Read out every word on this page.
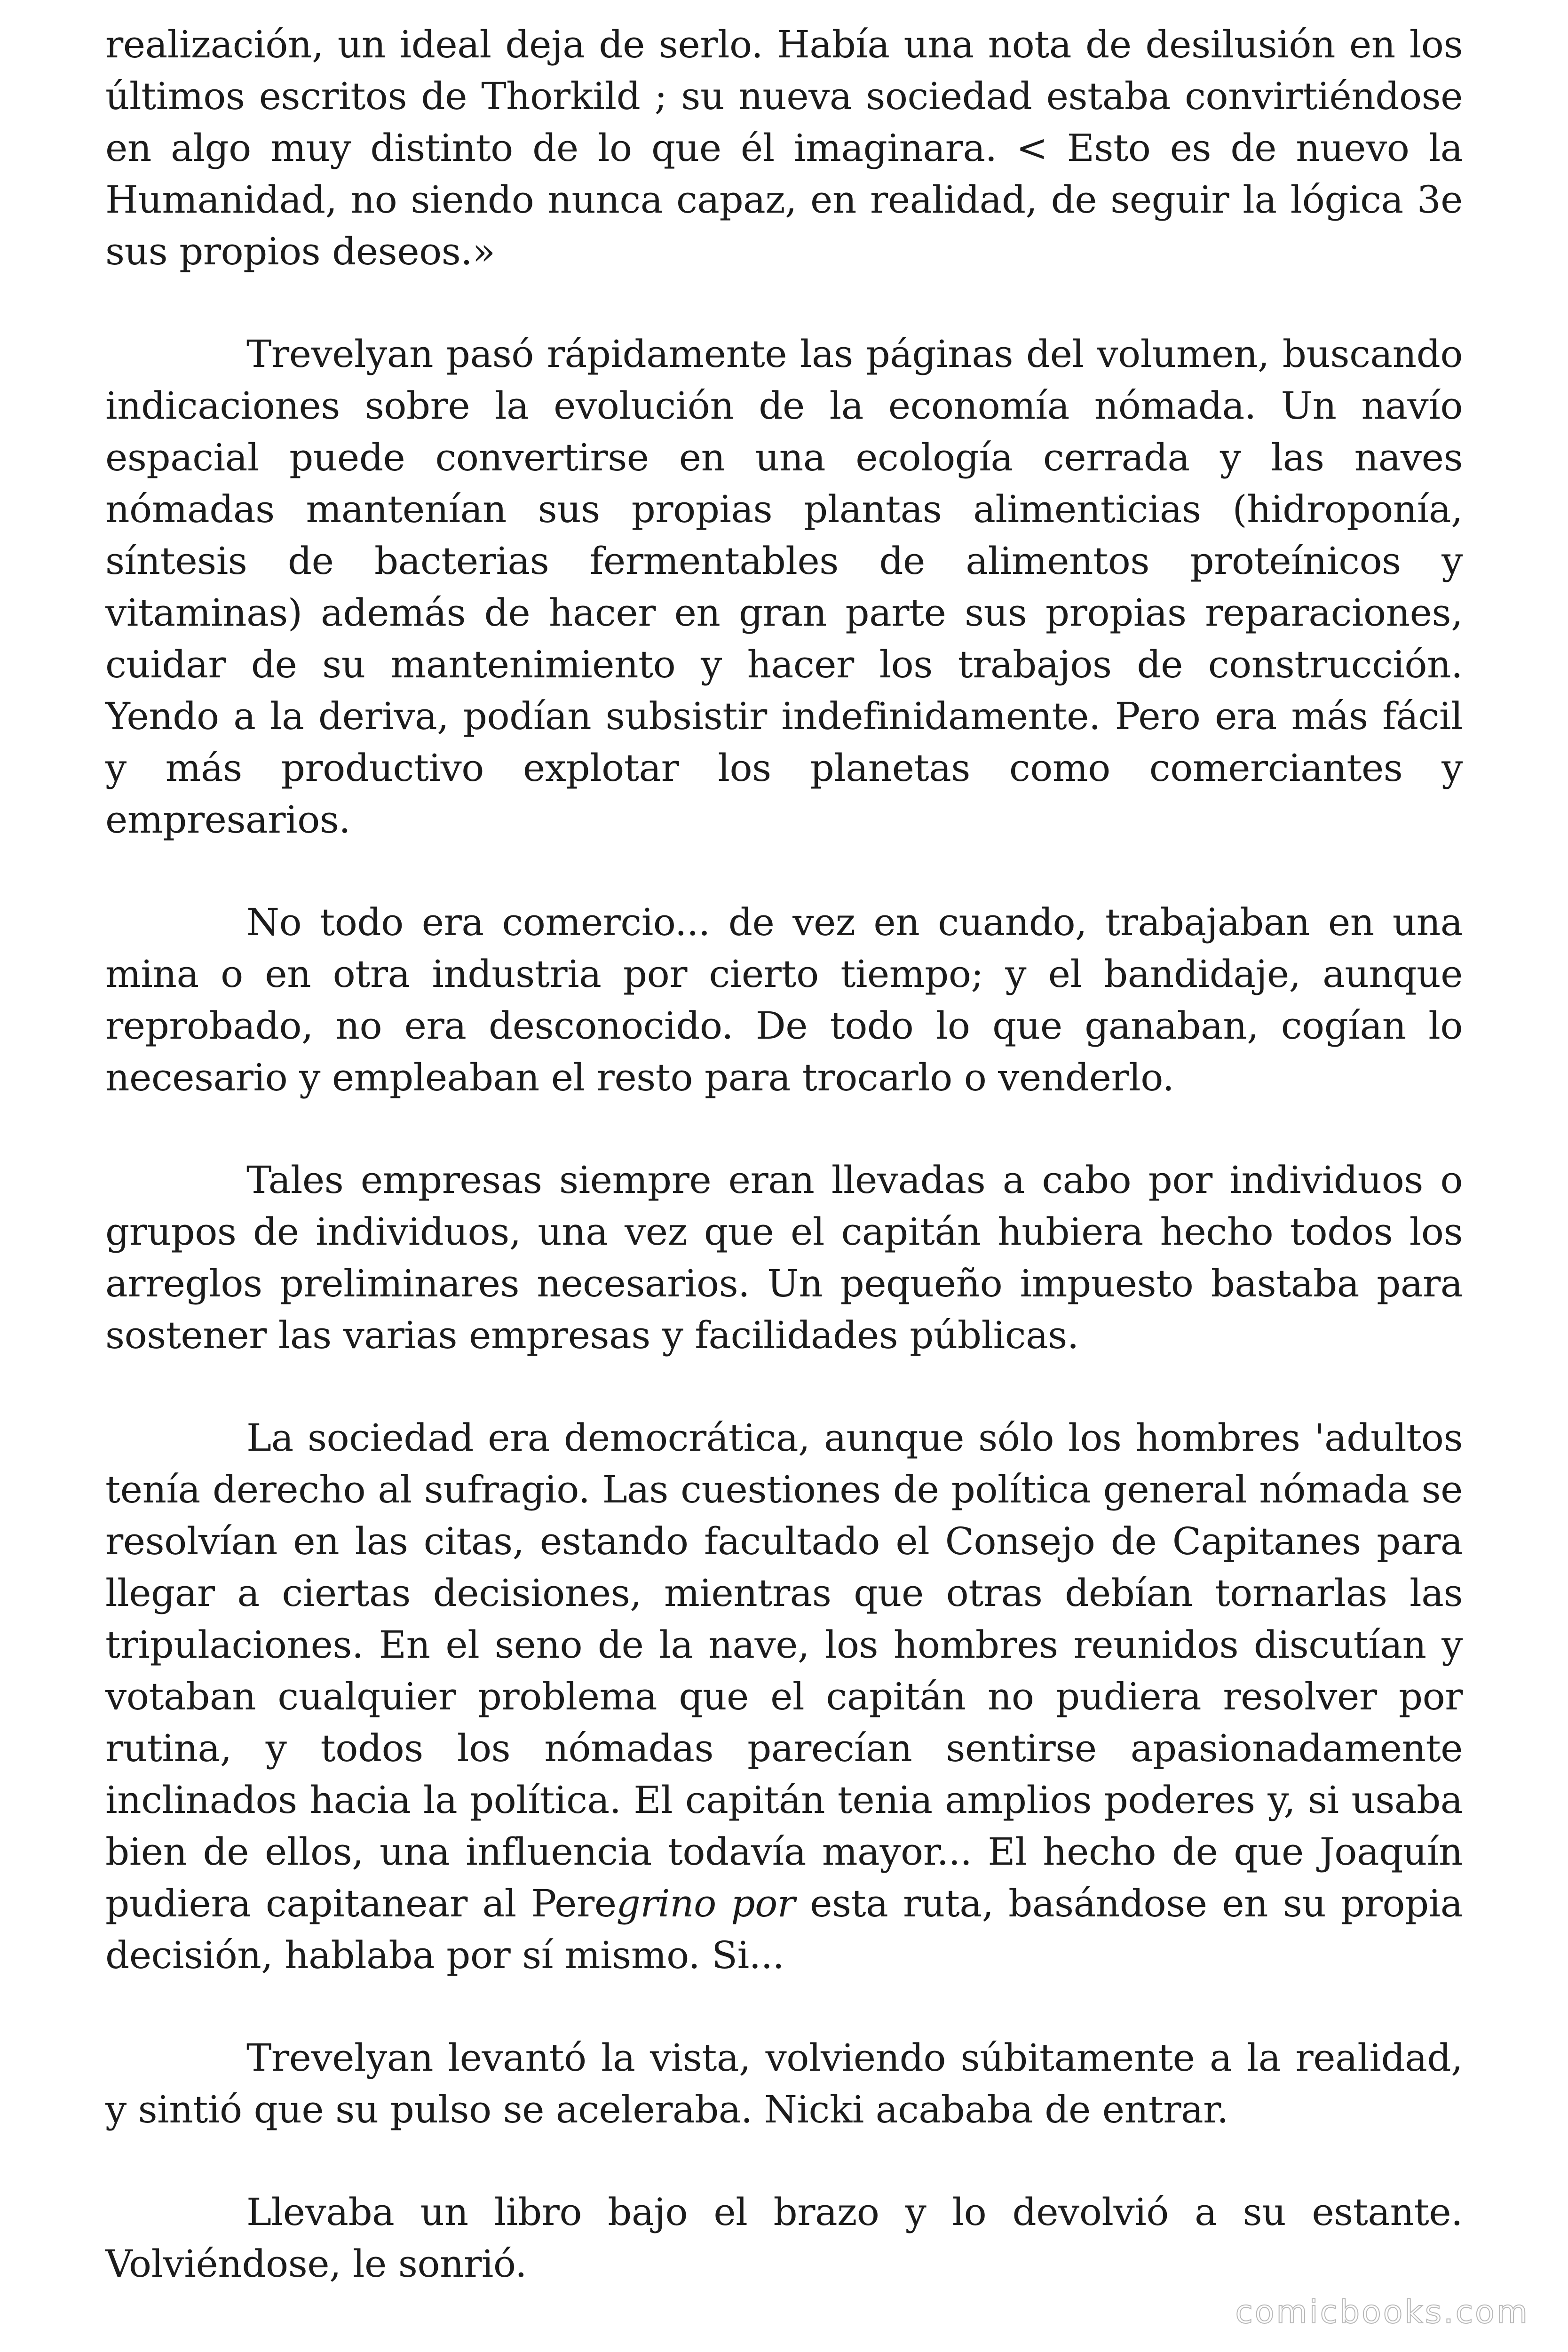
realización, un ideal deja de serlo. Había una nota de desilusión en los últimos escritos de Thorkild ; su nueva sociedad estaba convirtiéndose en algo muy distinto de lo que él imaginara. < Esto es de nuevo la Humanidad, no siendo nunca capaz, en realidad, de seguir la lógica 3e sus propios deseos.»

Trevelyan pasó rápidamente las páginas del volumen, buscando indicaciones sobre la evolución de la economía nómada. Un navío espacial puede convertirse en una ecología cerrada y las naves nómadas mantenían sus propias plantas alimenticias (hidroponía, síntesis de bacterias fermentables de alimentos proteínicos y vitaminas) además de hacer en gran parte sus propias reparaciones, cuidar de su mantenimiento y hacer los trabajos de construcción. Yendo a la deriva, podían subsistir indefinidamente. Pero era más fácil y más productivo explotar los planetas como comerciantes y empresarios.

No todo era comercio... de vez en cuando, trabajaban en una mina o en otra industria por cierto tiempo; y el bandidaje, aunque reprobado, no era desconocido. De todo lo que ganaban, cogían lo necesario y empleaban el resto para trocarlo o venderlo.

Tales empresas siempre eran llevadas a cabo por individuos o grupos de individuos, una vez que el capitán hubiera hecho todos los arreglos preliminares necesarios. Un pequeño impuesto bastaba para sostener las varias empresas y facilidades públicas.

La sociedad era democrática, aunque sólo los hombres 'adultos tenía derecho al sufragio. Las cuestiones de política general nómada se resolvían en las citas, estando facultado el Consejo de Capitanes para llegar a ciertas decisiones, mientras que otras debían tornarlas las tripulaciones. En el seno de la nave, los hombres reunidos discutían y votaban cualquier problema que el capitán no pudiera resolver por rutina, y todos los nómadas parecían sentirse apasionadamente inclinados hacia la política. El capitán tenia amplios poderes y, si usaba bien de ellos, una influencia todavía mayor... El hecho de que Joaquín pudiera capitanear al Peregrino por esta ruta, basándose en su propia decisión, hablaba por sí mismo. Si...

Trevelyan levantó la vista, volviendo súbitamente a la realidad, y sintió que su pulso se aceleraba. Nicki acababa de entrar.

Llevaba un libro bajo el brazo y lo devolvió a su estante. Volviéndose, le sonrió.

comicbooks.com
